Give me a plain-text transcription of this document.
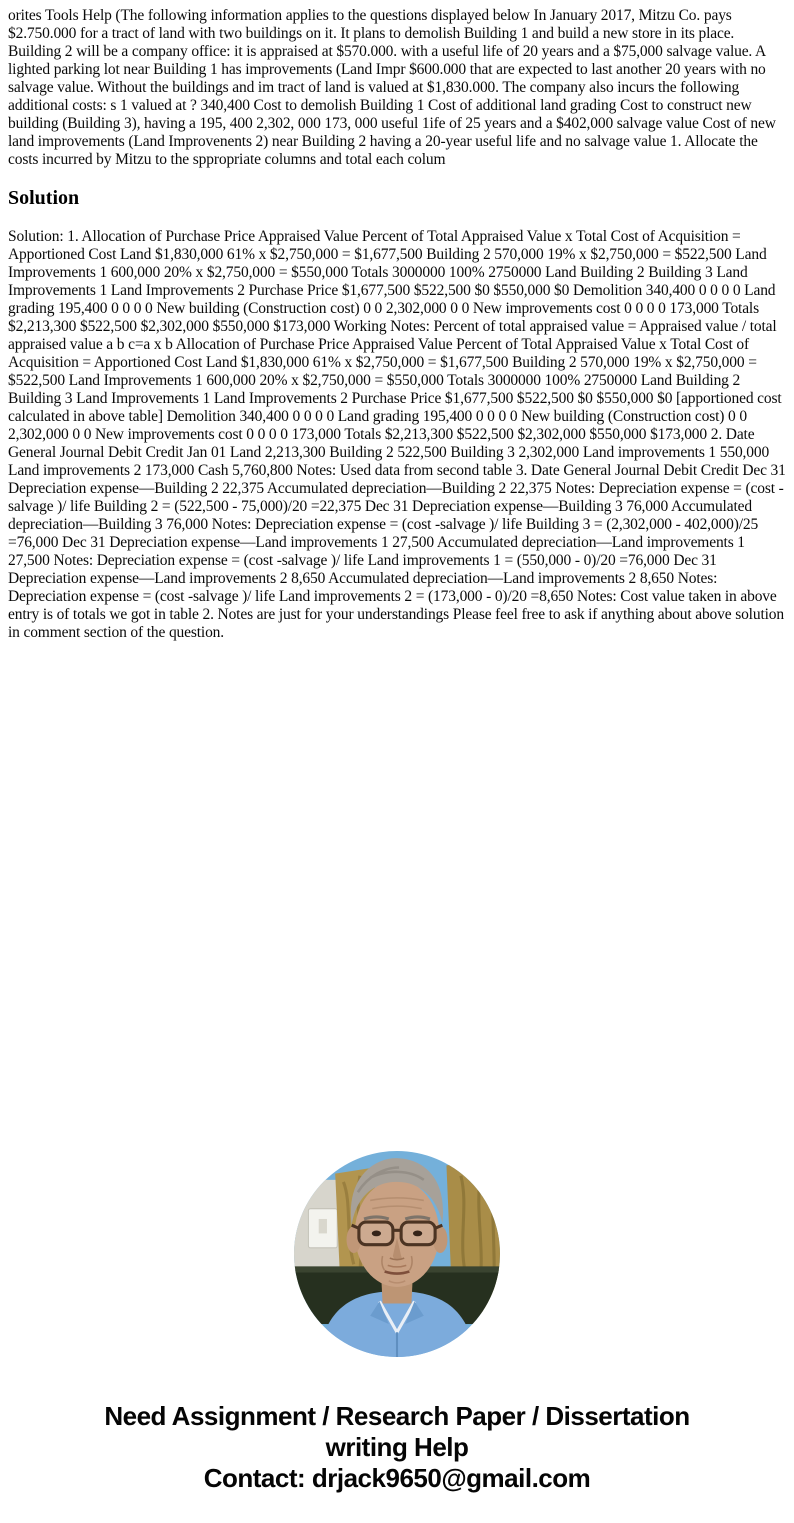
orites Tools Help (The following information applies to the questions displayed below In January 2017, Mitzu Co. pays $2.750.000 for a tract of land with two buildings on it. It plans to demolish Building 1 and build a new store in its place. Building 2 will be a company office: it is appraised at $570.000. with a useful life of 20 years and a $75,000 salvage value. A lighted parking lot near Building 1 has improvements (Land Impr $600.000 that are expected to last another 20 years with no salvage value. Without the buildings and im tract of land is valued at $1,830.000. The company also incurs the following additional costs: s 1 valued at ? 340,400 Cost to demolish Building 1 Cost of additional land grading Cost to construct new building (Building 3), having a 195, 400 2,302, 000 173, 000 useful 1ife of 25 years and a $402,000 salvage value Cost of new land improvements (Land Improvenents 2) near Building 2 having a 20-year useful life and no salvage value 1. Allocate the costs incurred by Mitzu to the sppropriate columns and total each colum

Solution

Solution: 1. Allocation of Purchase Price Appraised Value Percent of Total Appraised Value x Total Cost of Acquisition = Apportioned Cost Land $1,830,000 61% x $2,750,000 = $1,677,500 Building 2 570,000 19% x $2,750,000 = $522,500 Land Improvements 1 600,000 20% x $2,750,000 = $550,000 Totals 3000000 100% 2750000 Land Building 2 Building 3 Land Improvements 1 Land Improvements 2 Purchase Price $1,677,500 $522,500 $0 $550,000 $0 Demolition 340,400 0 0 0 0 Land grading 195,400 0 0 0 0 New building (Construction cost) 0 0 2,302,000 0 0 New improvements cost 0 0 0 0 173,000 Totals $2,213,300 $522,500 $2,302,000 $550,000 $173,000 Working Notes: Percent of total appraised value = Appraised value / total appraised value a b c=a x b Allocation of Purchase Price Appraised Value Percent of Total Appraised Value x Total Cost of Acquisition = Apportioned Cost Land $1,830,000 61% x $2,750,000 = $1,677,500 Building 2 570,000 19% x $2,750,000 = $522,500 Land Improvements 1 600,000 20% x $2,750,000 = $550,000 Totals 3000000 100% 2750000 Land Building 2 Building 3 Land Improvements 1 Land Improvements 2 Purchase Price $1,677,500 $522,500 $0 $550,000 $0 [apportioned cost calculated in above table] Demolition 340,400 0 0 0 0 Land grading 195,400 0 0 0 0 New building (Construction cost) 0 0 2,302,000 0 0 New improvements cost 0 0 0 0 173,000 Totals $2,213,300 $522,500 $2,302,000 $550,000 $173,000 2. Date General Journal Debit Credit Jan 01 Land 2,213,300 Building 2 522,500 Building 3 2,302,000 Land improvements 1 550,000 Land improvements 2 173,000 Cash 5,760,800 Notes: Used data from second table 3. Date General Journal Debit Credit Dec 31 Depreciation expense—Building 2 22,375 Accumulated depreciation—Building 2 22,375 Notes: Depreciation expense = (cost -salvage )/ life Building 2 = (522,500 - 75,000)/20 =22,375 Dec 31 Depreciation expense—Building 3 76,000 Accumulated depreciation—Building 3 76,000 Notes: Depreciation expense = (cost -salvage )/ life Building 3 = (2,302,000 - 402,000)/25 =76,000 Dec 31 Depreciation expense—Land improvements 1 27,500 Accumulated depreciation—Land improvements 1 27,500 Notes: Depreciation expense = (cost -salvage )/ life Land improvements 1 = (550,000 - 0)/20 =76,000 Dec 31 Depreciation expense—Land improvements 2 8,650 Accumulated depreciation—Land improvements 2 8,650 Notes: Depreciation expense = (cost -salvage )/ life Land improvements 2 = (173,000 - 0)/20 =8,650 Notes: Cost value taken in above entry is of totals we got in table 2. Notes are just for your understandings Please feel free to ask if anything about above solution in comment section of the question.

Need Assignment / Research Paper / Dissertation
writing Help
Contact: drjack9650@gmail.com
